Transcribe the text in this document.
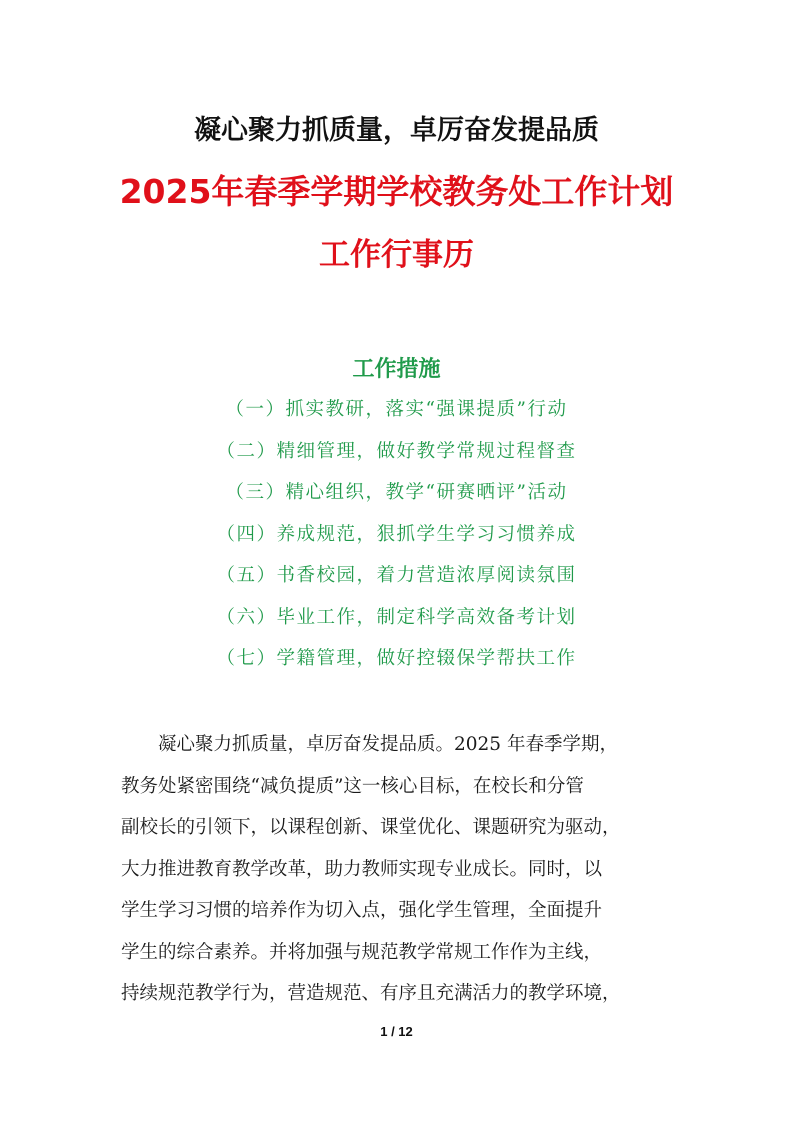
凝心聚力抓质量，卓厉奋发提品质
2025年春季学期学校教务处工作计划
工作行事历
工作措施
（一）抓实教研，落实“强课提质”行动
（二）精细管理，做好教学常规过程督查
（三）精心组织，教学“研赛晒评”活动
（四）养成规范，狠抓学生学习习惯养成
（五）书香校园，着力营造浓厚阅读氛围
（六）毕业工作，制定科学高效备考计划
（七）学籍管理，做好控辍保学帮扶工作
凝心聚力抓质量，卓厉奋发提品质。2025 年春季学期，
教务处紧密围绕“减负提质”这一核心目标，在校长和分管
副校长的引领下，以课程创新、课堂优化、课题研究为驱动，
大力推进教育教学改革，助力教师实现专业成长。同时，以
学生学习习惯的培养作为切入点，强化学生管理，全面提升
学生的综合素养。并将加强与规范教学常规工作作为主线，
持续规范教学行为，营造规范、有序且充满活力的教学环境，
1 / 12
